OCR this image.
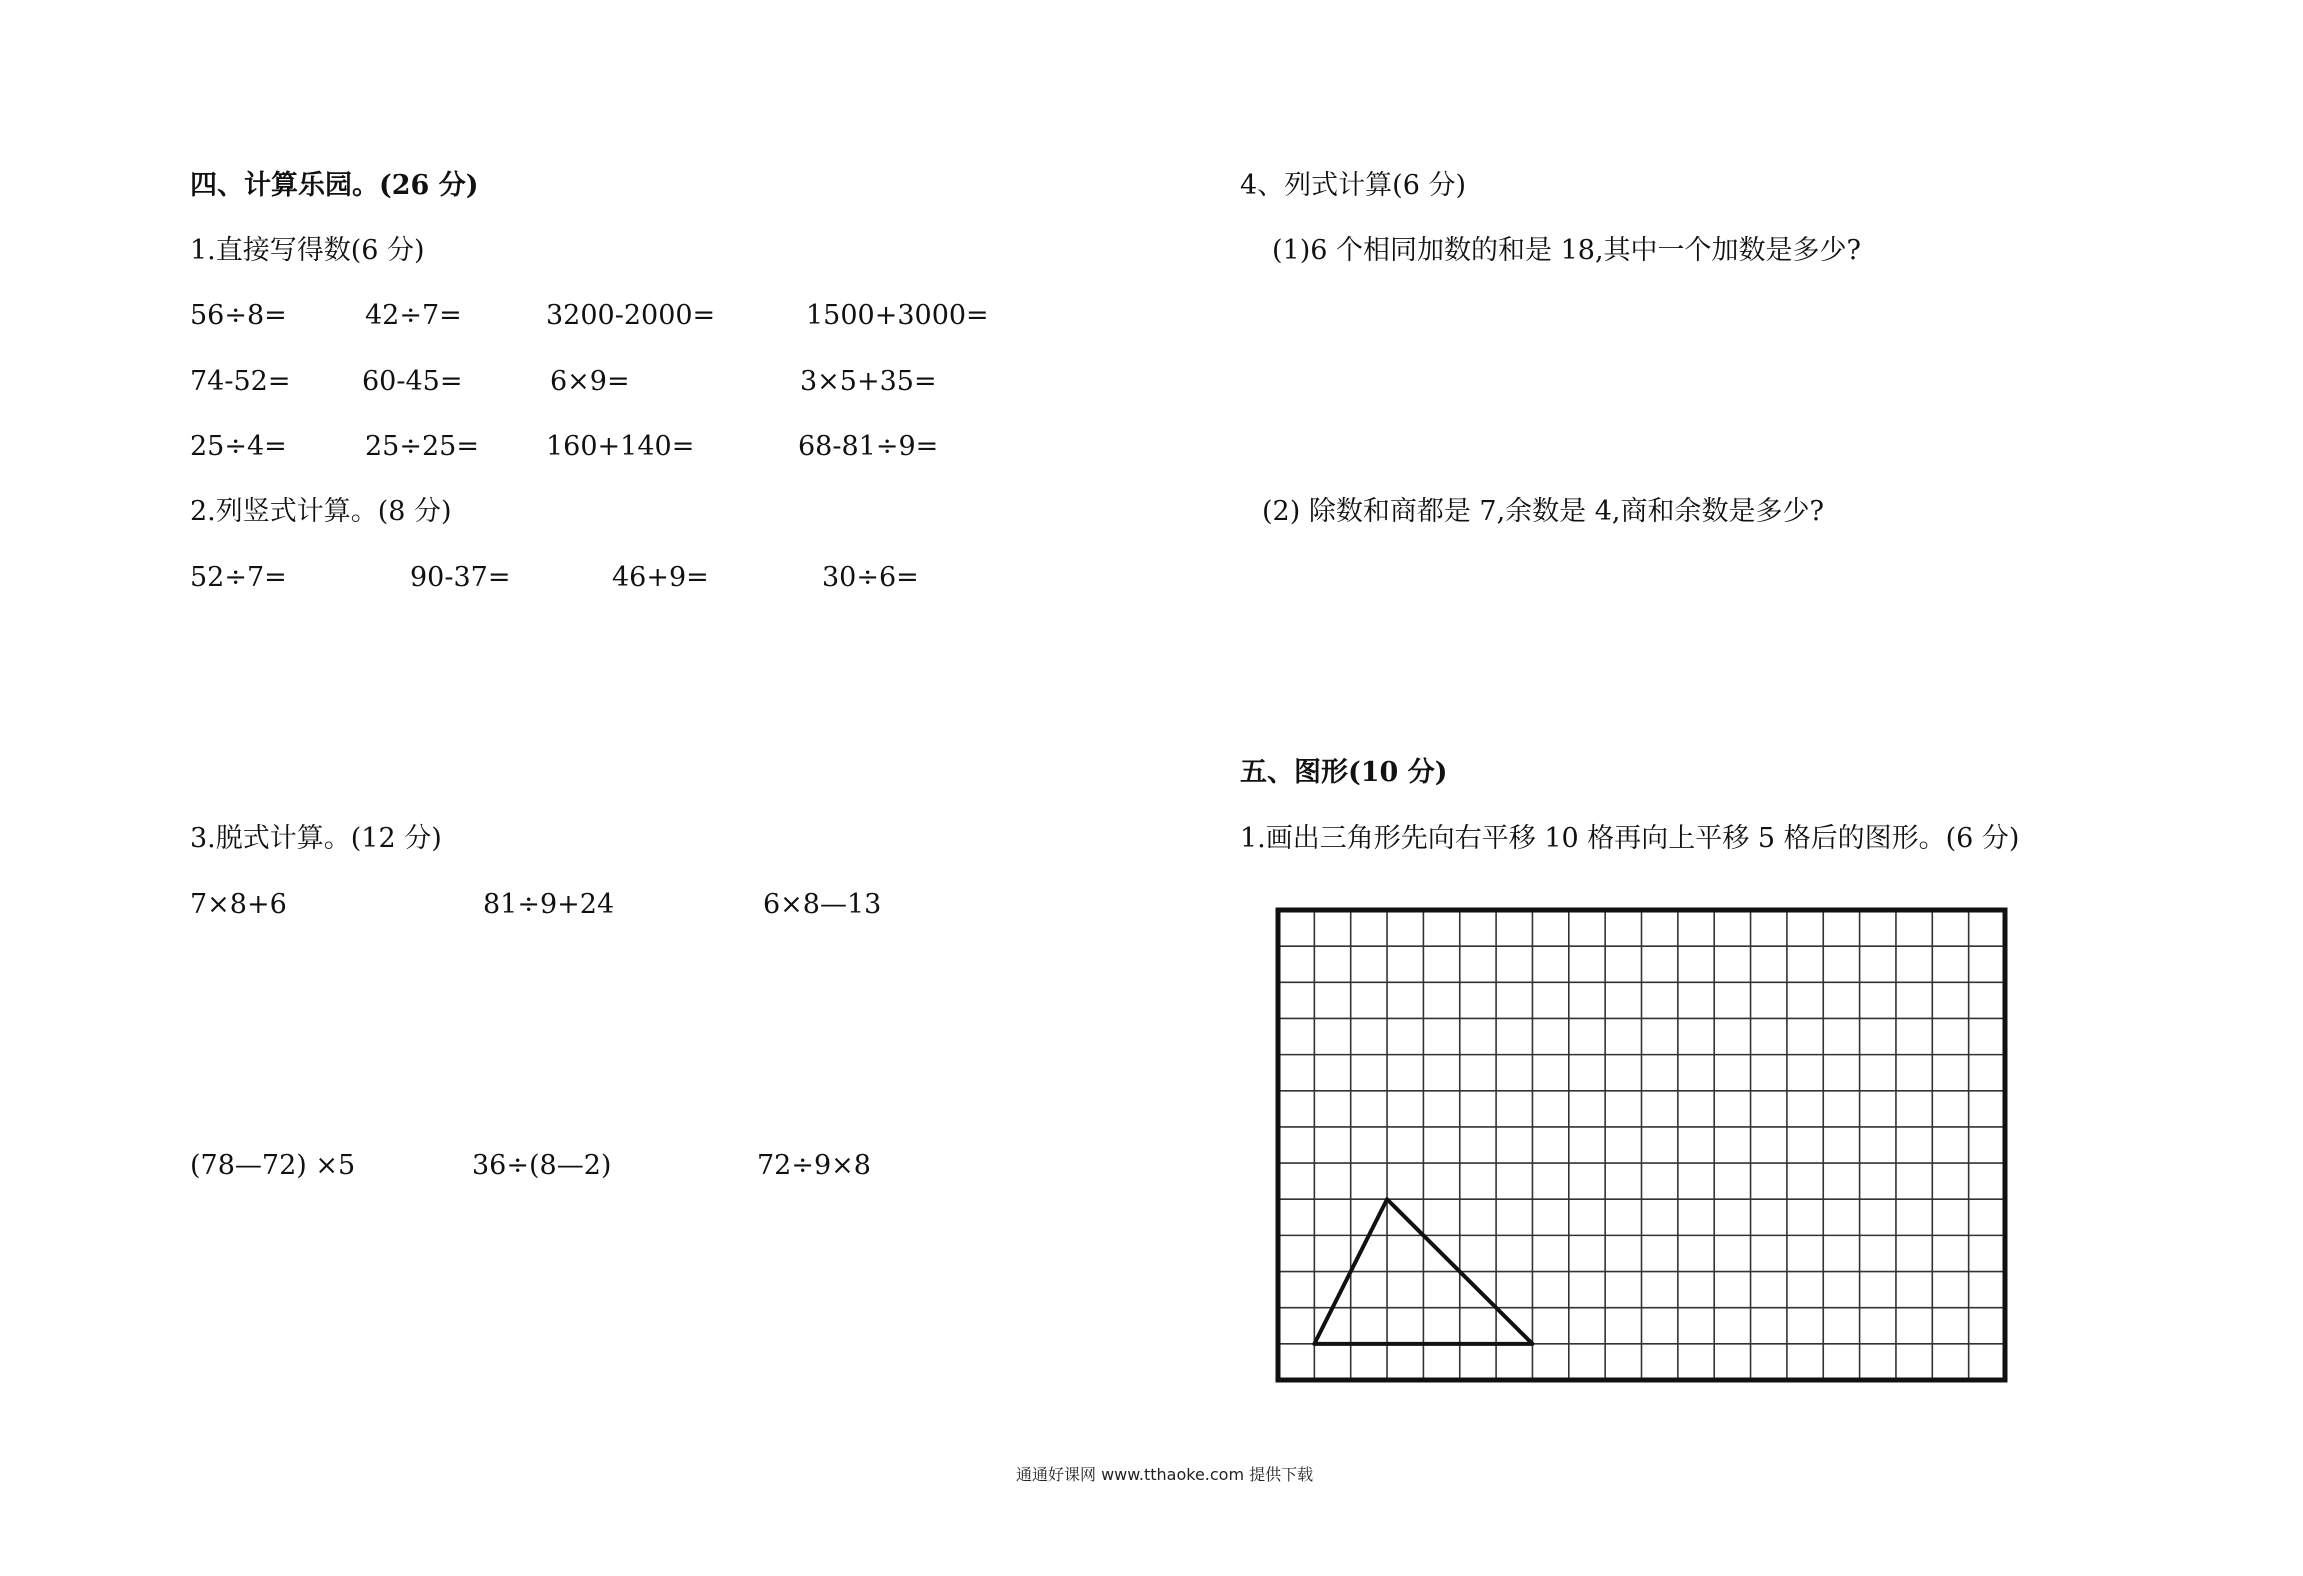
四、计算乐园。(26 分)
1.直接写得数(6 分)
56÷8=	42÷7=	3200-2000=	1500+3000=
74-52=	60-45=	6×9=	3×5+35=
25÷4=	25÷25= 160+140=	68-81÷9=
2.列竖式计算。(8 分)
52÷7=	90-37=	46+9=	30÷6=
3.脱式计算。(12 分)
7×8+6	81÷9+24	6×8—13
(78—72) ×5	36÷(8—2)	72÷9×8
4、列式计算(6 分)
(1)6 个相同加数的和是 18,其中一个加数是多少?
(2) 除数和商都是 7,余数是 4,商和余数是多少?
五、图形(10 分)
1.画出三角形先向右平移 10 格再向上平移 5 格后的图形。(6 分)
通通好课网 www.tthaoke.com 提供下载
